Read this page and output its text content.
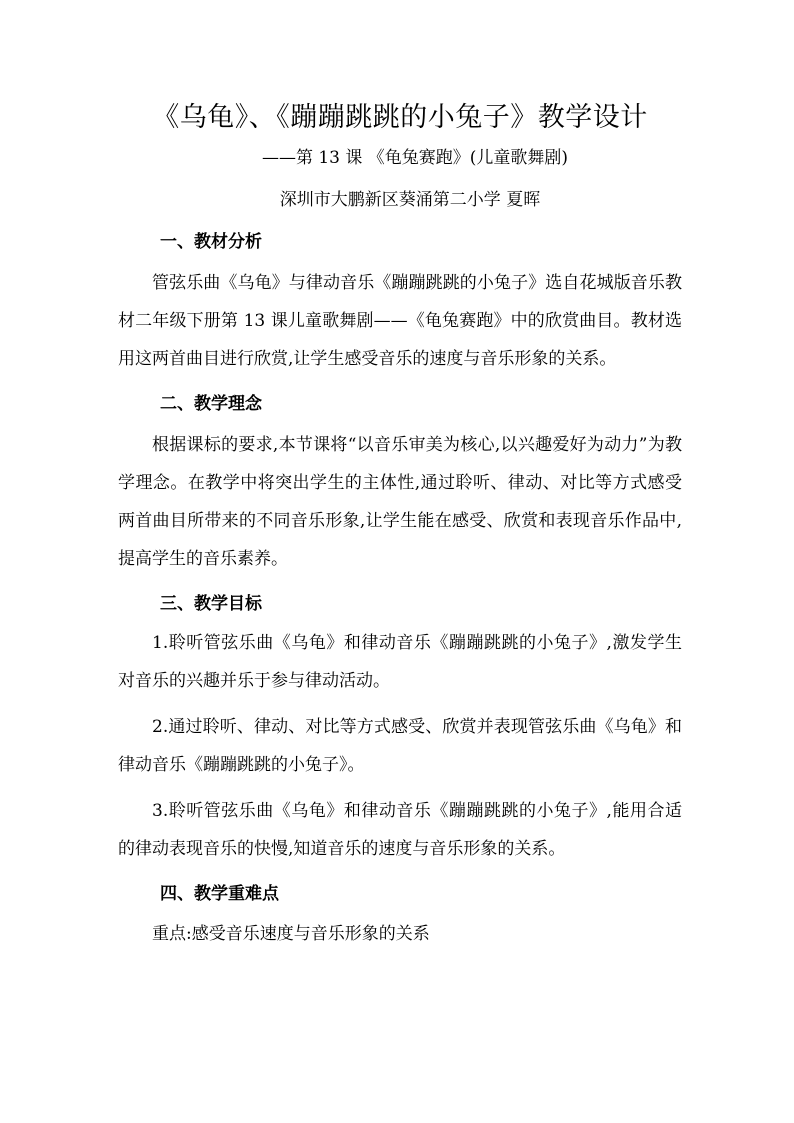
《乌龟》、《蹦蹦跳跳的小兔子》教学设计
——第 13 课 《龟兔赛跑》(儿童歌舞剧)
深圳市大鹏新区葵涌第二小学 夏晖
一、教材分析

管弦乐曲《乌龟》与律动音乐《蹦蹦跳跳的小兔子》选自花城版音乐教材二年级下册第 13 课儿童歌舞剧——《龟兔赛跑》中的欣赏曲目。教材选用这两首曲目进行欣赏,让学生感受音乐的速度与音乐形象的关系。

二、教学理念

根据课标的要求,本节课将“以音乐审美为核心,以兴趣爱好为动力”为教学理念。在教学中将突出学生的主体性,通过聆听、律动、对比等方式感受两首曲目所带来的不同音乐形象,让学生能在感受、欣赏和表现音乐作品中,提高学生的音乐素养。

三、教学目标

1.聆听管弦乐曲《乌龟》和律动音乐《蹦蹦跳跳的小兔子》,激发学生对音乐的兴趣并乐于参与律动活动。

2.通过聆听、律动、对比等方式感受、欣赏并表现管弦乐曲《乌龟》和律动音乐《蹦蹦跳跳的小兔子》。

3.聆听管弦乐曲《乌龟》和律动音乐《蹦蹦跳跳的小兔子》,能用合适的律动表现音乐的快慢,知道音乐的速度与音乐形象的关系。

四、教学重难点
重点:感受音乐速度与音乐形象的关系
